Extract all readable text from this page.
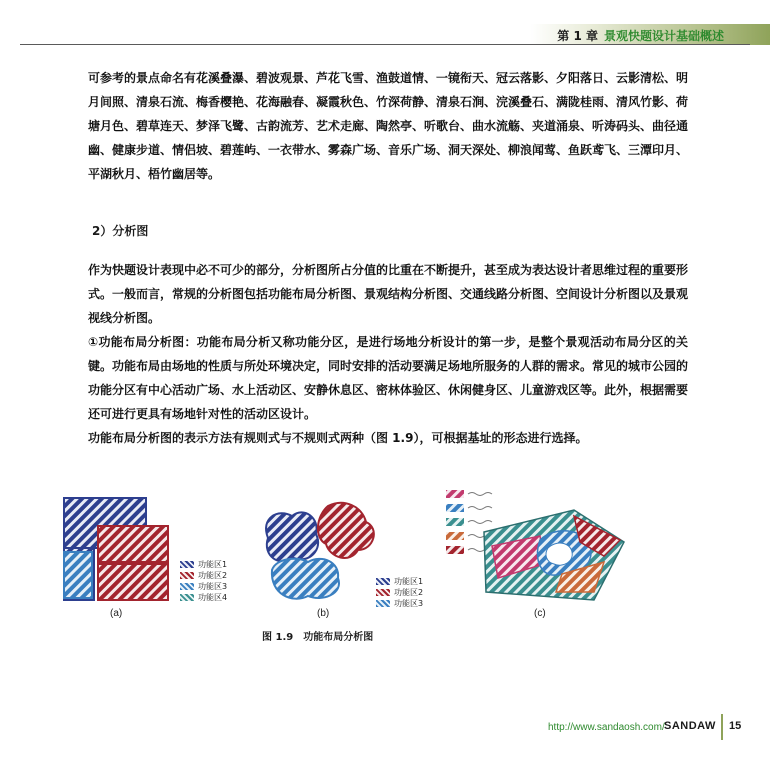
第 1 章 景观快题设计基础概述

可参考的景点命名有花溪叠瀑、碧波观景、芦花飞雪、渔鼓道情、一镜衔天、冠云落影、夕阳落日、云影清松、明月间照、清泉石流、梅香樱艳、花海融春、凝霞秋色、竹深荷静、清泉石涧、浣溪叠石、满陇桂雨、清风竹影、荷塘月色、碧草连天、梦泽飞鹭、古韵流芳、艺术走廊、陶然亭、听歌台、曲水流觞、夹道涌泉、听涛码头、曲径通幽、健康步道、情侣坡、碧莲屿、一衣带水、雾森广场、音乐广场、洞天深处、柳浪闻莺、鱼跃鸢飞、三潭印月、平湖秋月、梧竹幽居等。

2）分析图

作为快题设计表现中必不可少的部分，分析图所占分值的比重在不断提升，甚至成为表达设计者思维过程的重要形式。一般而言，常规的分析图包括功能布局分析图、景观结构分析图、交通线路分析图、空间设计分析图以及景观视线分析图。

①功能布局分析图：功能布局分析又称功能分区，是进行场地分析设计的第一步，是整个景观活动布局分区的关键。功能布局由场地的性质与所处环境决定，同时安排的活动要满足场地所服务的人群的需求。常见的城市公园的功能分区有中心活动广场、水上活动区、安静休息区、密林体验区、休闲健身区、儿童游戏区等。此外，根据需要还可进行更具有场地针对性的活动区设计。

功能布局分析图的表示方法有规则式与不规则式两种（图 1.9），可根据基址的形态进行选择。

功能区1
功能区2
功能区3
功能区4
(a)
功能区1
功能区2
功能区3
(b)	(c)
图 1.9 功能布局分析图
http://www.sandaosh.com/ SANDAW 15
